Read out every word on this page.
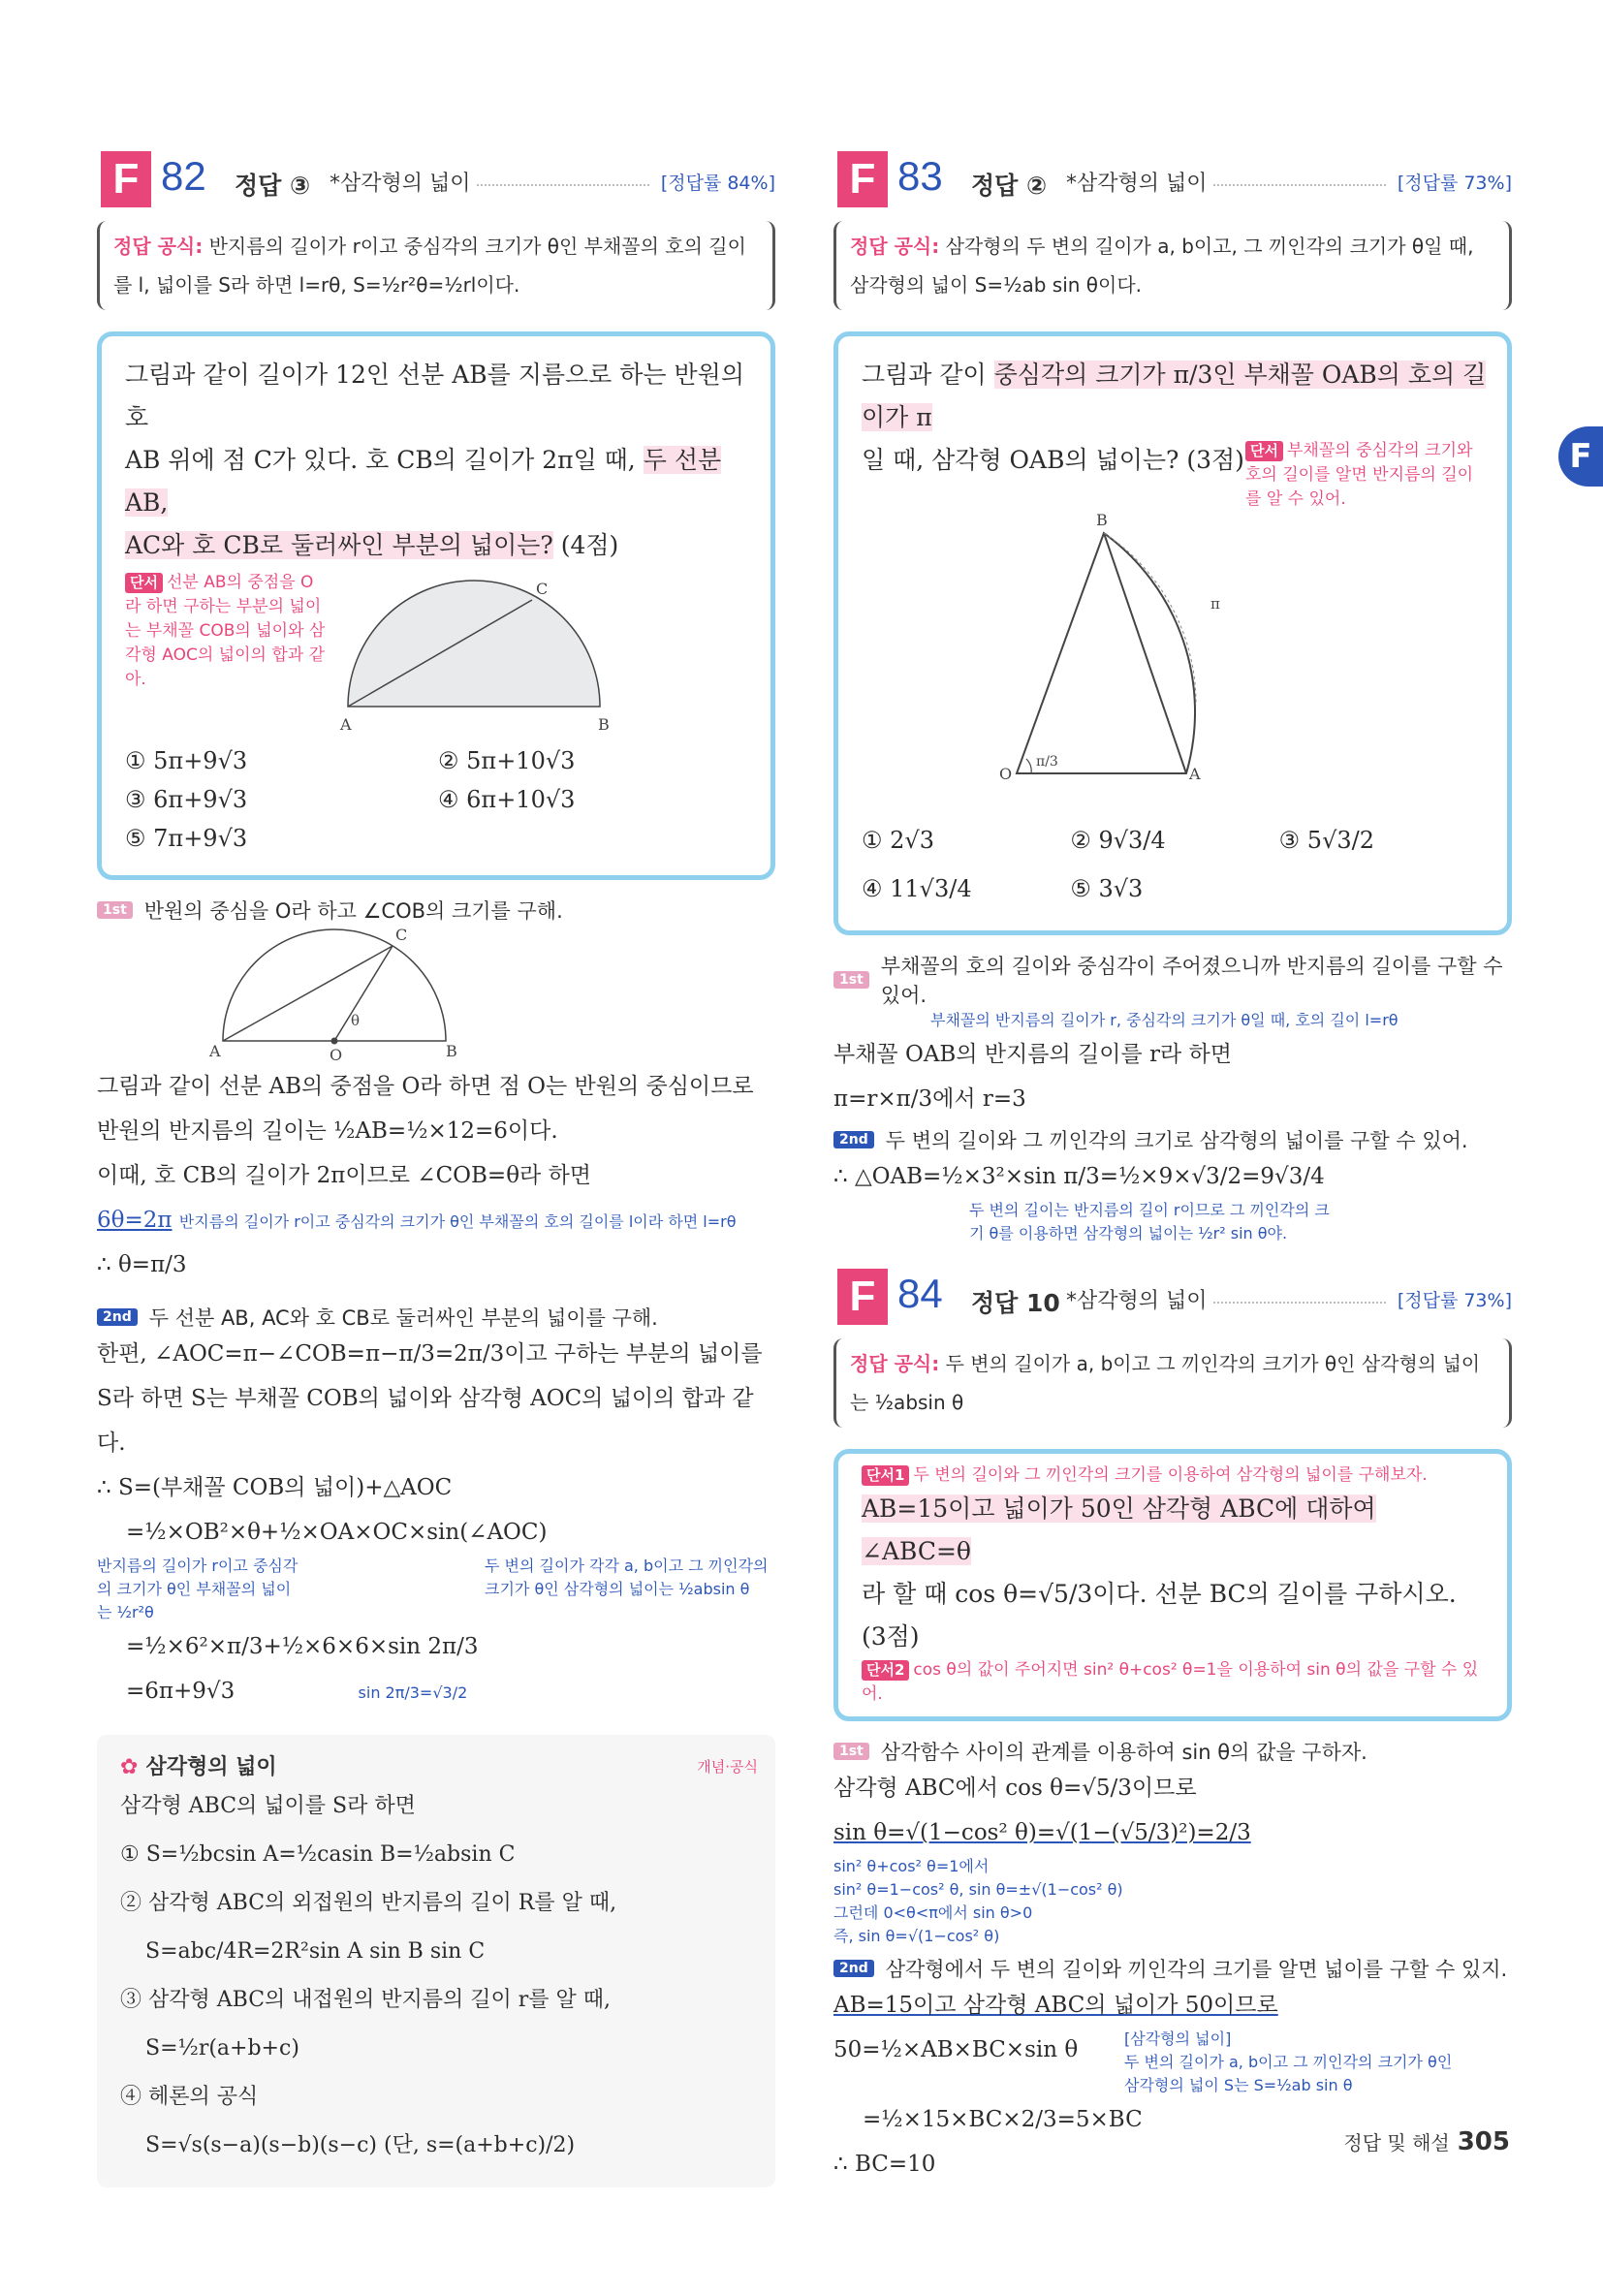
F
F 82 정답 ③ *삼각형의 넓이	[정답률 84%]
정답 공식: 반지름의 길이가 r이고 중심각의 크기가 θ인 부채꼴의 호의 길이를 l, 넓이를 S라 하면 l=rθ, S=½r²θ=½rl이다.
그림과 같이 길이가 12인 선분 AB를 지름으로 하는 반원의 호
AB 위에 점 C가 있다. 호 CB의 길이가 2π일 때, 두 선분 AB,
AC와 호 CB로 둘러싸인 부분의 넓이는? (4점)
단서 선분 AB의 중점을 O라 하면 구하는 부분의 넓이는 부채꼴 COB의 넓이와 삼각형 AOC의 넓이의 합과 같아.
A	B
C
① 5π+9√3	② 5π+10√3
③ 6π+9√3	④ 6π+10√3
⑤ 7π+9√3
1st 반원의 중심을 O라 하고 ∠COB의 크기를 구해.
A	B
C
O
θ
그림과 같이 선분 AB의 중점을 O라 하면 점 O는 반원의 중심이므로
반원의 반지름의 길이는 ½AB=½×12=6이다.
이때, 호 CB의 길이가 2π이므로 ∠COB=θ라 하면
6θ=2π 반지름의 길이가 r이고 중심각의 크기가 θ인 부채꼴의 호의 길이를 l이라 하면 l=rθ
∴ θ=π/3
2nd 두 선분 AB, AC와 호 CB로 둘러싸인 부분의 넓이를 구해.
한편, ∠AOC=π−∠COB=π−π/3=2π/3이고 구하는 부분의 넓이를
S라 하면 S는 부채꼴 COB의 넓이와 삼각형 AOC의 넓이의 합과 같다.
∴ S=(부채꼴 COB의 넓이)+△AOC
=½×OB²×θ+½×OA×OC×sin(∠AOC)
반지름의 길이가 r이고 중심각의 크기가 θ인 부채꼴의 넓이는 ½r²θ
두 변의 길이가 각각 a, b이고 그 끼인각의 크기가 θ인 삼각형의 넓이는 ½absin θ
=½×6²×π/3+½×6×6×sin 2π/3
=6π+9√3	sin 2π/3=√3/2
✿ 삼각형의 넓이	개념·공식
삼각형 ABC의 넓이를 S라 하면
① S=½bcsin A=½casin B=½absin C
② 삼각형 ABC의 외접원의 반지름의 길이 R를 알 때,
S=abc/4R=2R²sin A sin B sin C
③ 삼각형 ABC의 내접원의 반지름의 길이 r를 알 때,
S=½r(a+b+c)
④ 헤론의 공식
S=√s(s−a)(s−b)(s−c) (단, s=(a+b+c)/2)
F 83 정답 ② *삼각형의 넓이	[정답률 73%]
정답 공식: 삼각형의 두 변의 길이가 a, b이고, 그 끼인각의 크기가 θ일 때, 삼각형의 넓이 S=½ab sin θ이다.
그림과 같이 중심각의 크기가 π/3인 부채꼴 OAB의 호의 길이가 π
일 때, 삼각형 OAB의 넓이는? (3점) 단서 부채꼴의 중심각의 크기와 호의 길이를 알면 반지름의 길이를 알 수 있어.
O	A
B
π/3
π
① 2√3	② 9√3/4	③ 5√3/2
④ 11√3/4	⑤ 3√3
1st
부채꼴의 호의 길이와 중심각이 주어졌으니까 반지름의 길이를 구할 수 있어.
부채꼴의 반지름의 길이가 r, 중심각의 크기가 θ일 때, 호의 길이 l=rθ
부채꼴 OAB의 반지름의 길이를 r라 하면
π=r×π/3에서 r=3
2nd 두 변의 길이와 그 끼인각의 크기로 삼각형의 넓이를 구할 수 있어.
∴ △OAB=½×3²×sin π/3=½×9×√3/2=9√3/4
두 변의 길이는 반지름의 길이 r이므로 그 끼인각의 크기 θ를 이용하면 삼각형의 넓이는 ½r² sin θ야.
F 84 정답 10 *삼각형의 넓이	[정답률 73%]
정답 공식: 두 변의 길이가 a, b이고 그 끼인각의 크기가 θ인 삼각형의 넓이는 ½absin θ
단서1 두 변의 길이와 그 끼인각의 크기를 이용하여 삼각형의 넓이를 구해보자.
AB=15이고 넓이가 50인 삼각형 ABC에 대하여 ∠ABC=θ
라 할 때 cos θ=√5/3이다. 선분 BC의 길이를 구하시오. (3점)
단서2 cos θ의 값이 주어지면 sin² θ+cos² θ=1을 이용하여 sin θ의 값을 구할 수 있어.
1st 삼각함수 사이의 관계를 이용하여 sin θ의 값을 구하자.
삼각형 ABC에서 cos θ=√5/3이므로
sin θ=√(1−cos² θ)=√(1−(√5/3)²)=2/3
sin² θ+cos² θ=1에서
sin² θ=1−cos² θ, sin θ=±√(1−cos² θ)
그런데 0<θ<π에서 sin θ>0
즉, sin θ=√(1−cos² θ)
2nd 삼각형에서 두 변의 길이와 끼인각의 크기를 알면 넓이를 구할 수 있지.
AB=15이고 삼각형 ABC의 넓이가 50이므로
50=½×AB×BC×sin θ	[삼각형의 넓이]
두 변의 길이가 a, b이고 그 끼인각의 크기가 θ인
삼각형의 넓이 S는 S=½ab sin θ
=½×15×BC×2/3=5×BC
∴ BC=10
정답 및 해설 305
